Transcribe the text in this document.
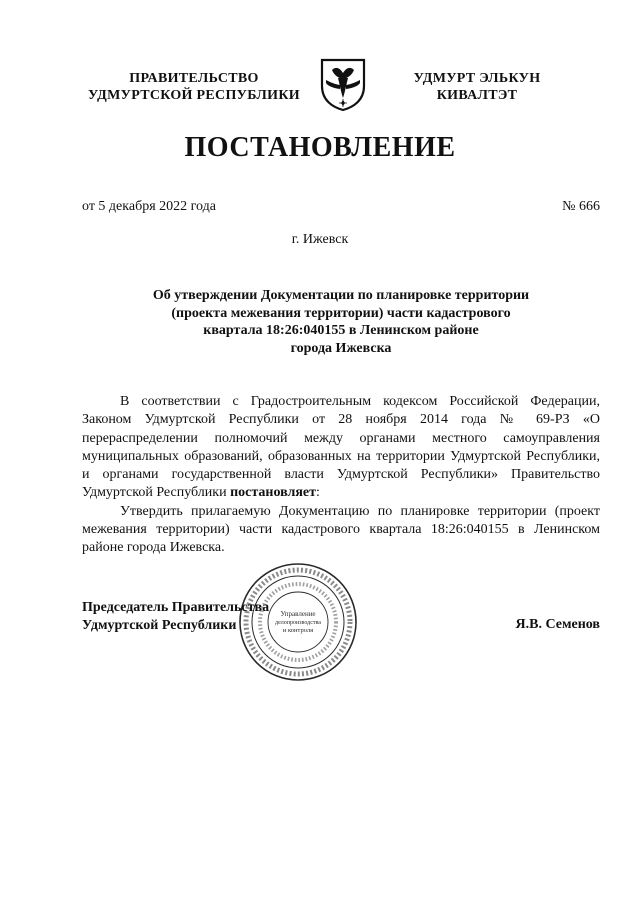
ПРАВИТЕЛЬСТВО
УДМУРТСКОЙ РЕСПУБЛИКИ
УДМУРТ ЭЛЬКУН
КИВАЛТЭТ
ПОСТАНОВЛЕНИЕ
от 5 декабря 2022 года	№ 666
г. Ижевск
Об утверждении Документации по планировке территории
(проекта межевания территории) части кадастрового
квартала 18:26:040155 в Ленинском районе
города Ижевска

В соответствии с Градостроительным кодексом Российской Федерации, Законом Удмуртской Республики от 28 ноября 2014 года № 69-РЗ «О перераспределении полномочий между органами местного самоуправления муниципальных образований, образованных на территории Удмуртской Республики, и органами государственной власти Удмуртской Республики» Правительство Удмуртской Республики постановляет:

Утвердить прилагаемую Документацию по планировке территории (проект межевания территории) части кадастрового квартала 18:26:040155 в Ленинском районе города Ижевска.

Управление
делопроизводства
и контроля
Председатель Правительства
Удмуртской Республики	Я.В. Семенов
